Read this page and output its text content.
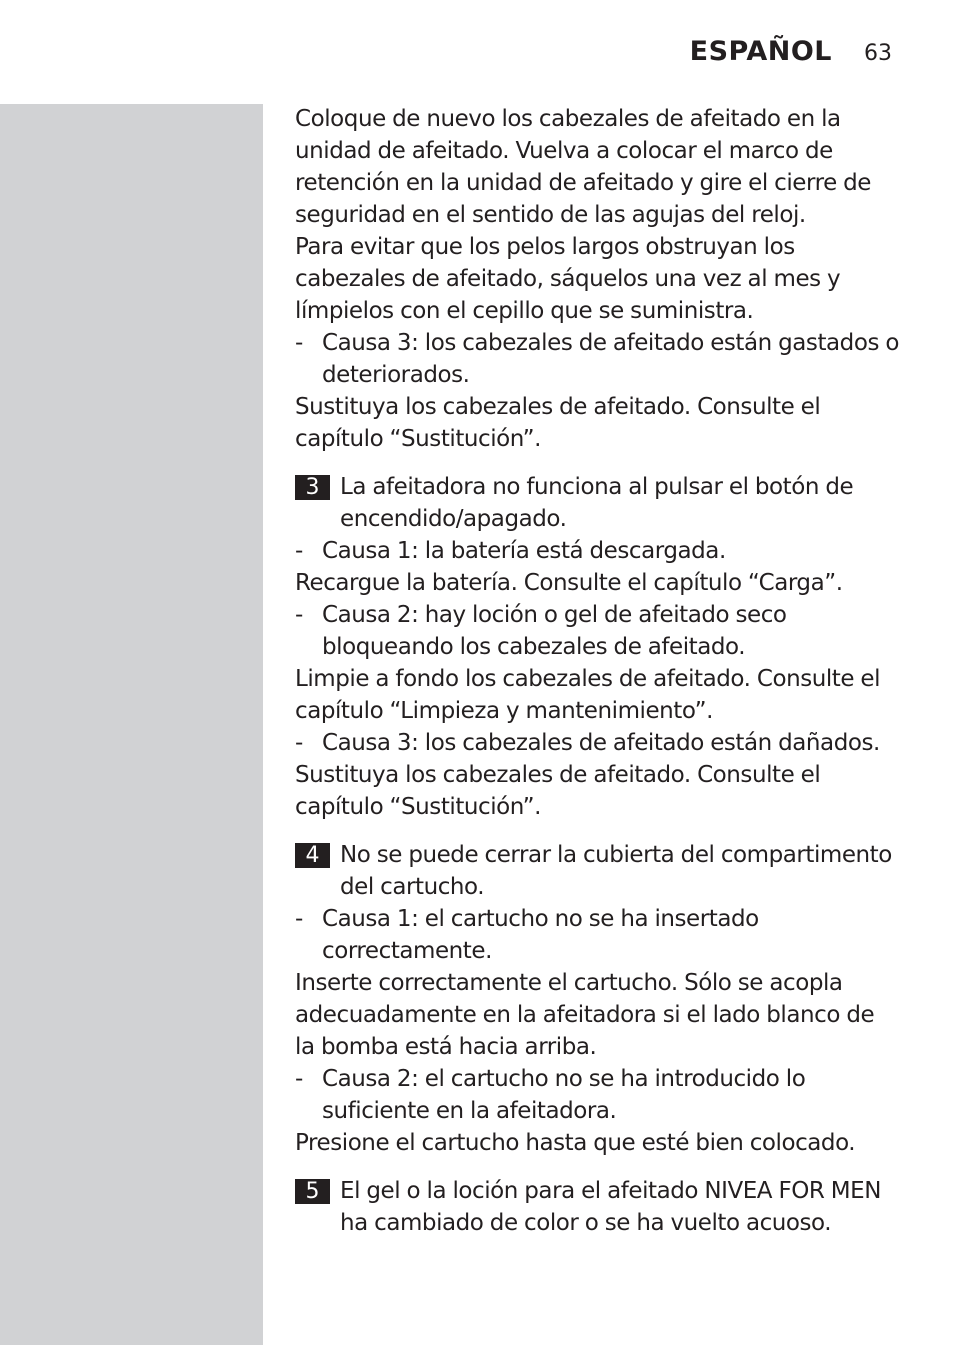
ESPAÑOL 63

Coloque de nuevo los cabezales de afeitado en la unidad de afeitado. Vuelva a colocar el marco de retención en la unidad de afeitado y gire el cierre de seguridad en el sentido de las agujas del reloj.

Para evitar que los pelos largos obstruyan los cabezales de afeitado, sáquelos una vez al mes y límpielos con el cepillo que se suministra.

- Causa 3: los cabezales de afeitado están gastados o deteriorados.

Sustituya los cabezales de afeitado. Consulte el capítulo “Sustitución”.

3 La afeitadora no funciona al pulsar el botón de encendido/apagado.

- Causa 1: la batería está descargada.

Recargue la batería. Consulte el capítulo “Carga”.

- Causa 2: hay loción o gel de afeitado seco bloqueando los cabezales de afeitado.

Limpie a fondo los cabezales de afeitado. Consulte el capítulo “Limpieza y mantenimiento”.

- Causa 3: los cabezales de afeitado están dañados.

Sustituya los cabezales de afeitado. Consulte el capítulo “Sustitución”.

4 No se puede cerrar la cubierta del compartimento del cartucho.

- Causa 1: el cartucho no se ha insertado correctamente.

Inserte correctamente el cartucho. Sólo se acopla adecuadamente en la afeitadora si el lado blanco de la bomba está hacia arriba.

- Causa 2: el cartucho no se ha introducido lo suficiente en la afeitadora.

Presione el cartucho hasta que esté bien colocado.

5 El gel o la loción para el afeitado NIVEA FOR MEN ha cambiado de color o se ha vuelto acuoso.
